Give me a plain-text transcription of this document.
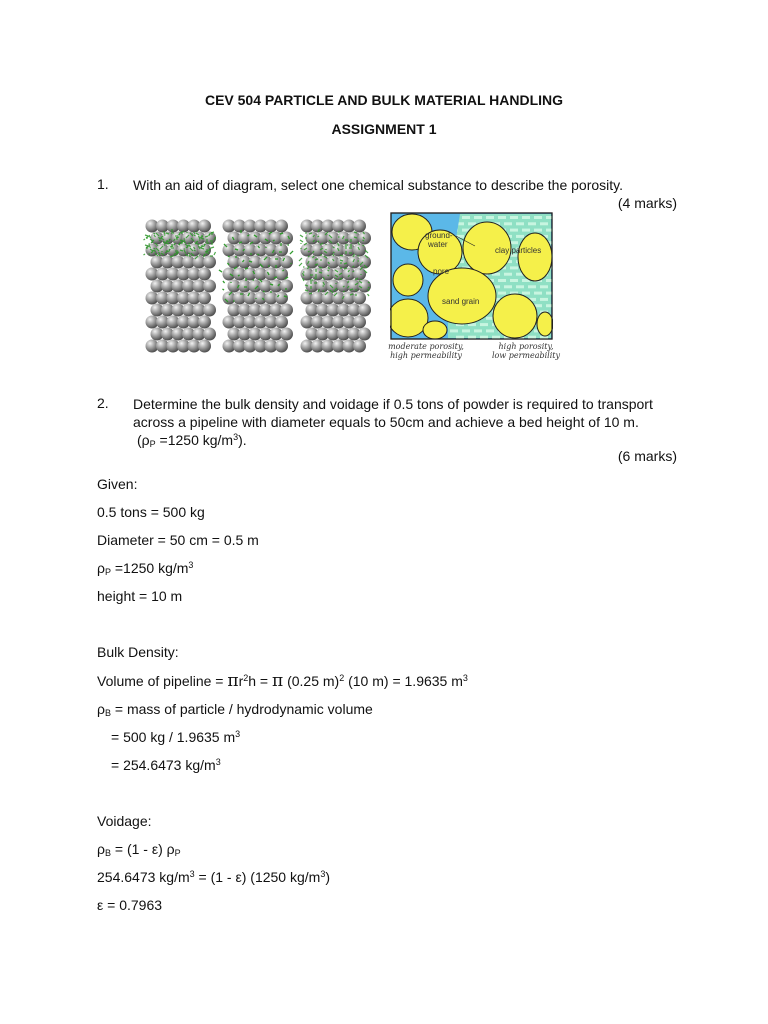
CEV 504 PARTICLE AND BULK MATERIAL HANDLING
ASSIGNMENT 1
1. With an aid of diagram, select one chemical substance to describe the porosity.
(4 marks)
ground-
water
clay particles
pore
sand grain
moderate porosity,
high permeability
high porosity,
low permeability
2. Determine the bulk density and voidage if 0.5 tons of powder is required to transport
across a pipeline with diameter equals to 50cm and achieve a bed height of 10 m.
($\rho_P =1250$ $kg/m^3$).
(6 marks)
Given:
0.5 tons = 500 kg
Diameter = 50 cm = 0.5 m
$\rho_P =1250$ $kg/m^3$
height = 10 m
Bulk Density:
Volume of pipeline = $\pi r^2h = \pi$ (0.25 m)$^2$ (10 m) = 1.9635 $m^3$
$\rho_B$ = mass of particle / hydrodynamic volume
= 500 kg / 1.9635 $m^3$
= 254.6473 $kg/m^3$
Voidage:
$\rho_B = (1 - \varepsilon)$ $\rho_P$
254.6473 $kg/m^3 = (1 - \varepsilon)$ (1250 $kg/m^3$)
ε = 0.7963
